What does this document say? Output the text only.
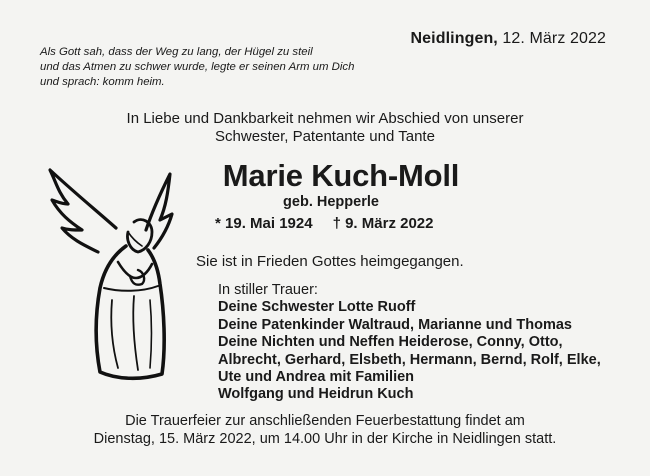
Neidlingen, 12. März 2022
Als Gott sah, dass der Weg zu lang, der Hügel zu steil
und das Atmen zu schwer wurde, legte er seinen Arm um Dich
und sprach: komm heim.
In Liebe und Dankbarkeit nehmen wir Abschied von unserer
Schwester, Patentante und Tante
Marie Kuch-Moll
geb. Hepperle
* 19. Mai 1924 † 9. März 2022
Sie ist in Frieden Gottes heimgegangen.
In stiller Trauer:
Deine Schwester Lotte Ruoff
Deine Patenkinder Waltraud, Marianne und Thomas
Deine Nichten und Neffen Heiderose, Conny, Otto,
Albrecht, Gerhard, Elsbeth, Hermann, Bernd, Rolf, Elke,
Ute und Andrea mit Familien
Wolfgang und Heidrun Kuch
Die Trauerfeier zur anschließenden Feuerbestattung findet am
Dienstag, 15. März 2022, um 14.00 Uhr in der Kirche in Neidlingen statt.
